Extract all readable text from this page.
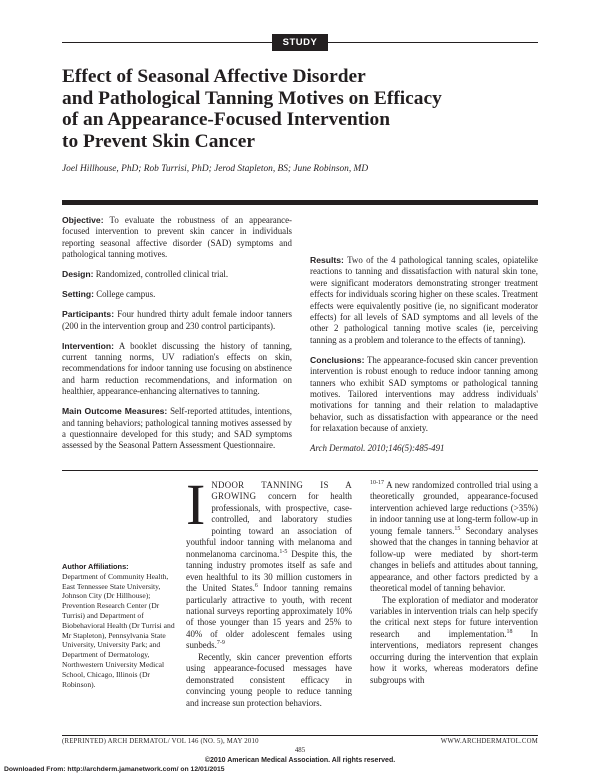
STUDY
Effect of Seasonal Affective Disorder
and Pathological Tanning Motives on Efficacy
of an Appearance-Focused Intervention
to Prevent Skin Cancer
Joel Hillhouse, PhD; Rob Turrisi, PhD; Jerod Stapleton, BS; June Robinson, MD

Objective: To evaluate the robustness of an appearance-focused intervention to prevent skin cancer in individuals reporting seasonal affective disorder (SAD) symptoms and pathological tanning motives.

Design: Randomized, controlled clinical trial.

Setting: College campus.

Participants: Four hundred thirty adult female indoor tanners (200 in the intervention group and 230 control participants).

Intervention: A booklet discussing the history of tanning, current tanning norms, UV radiation's effects on skin, recommendations for indoor tanning use focusing on abstinence and harm reduction recommendations, and information on healthier, appearance-enhancing alternatives to tanning.

Main Outcome Measures: Self-reported attitudes, intentions, and tanning behaviors; pathological tanning motives assessed by a questionnaire developed for this study; and SAD symptoms assessed by the Seasonal Pattern Assessment Questionnaire.

Results: Two of the 4 pathological tanning scales, opiatelike reactions to tanning and dissatisfaction with natural skin tone, were significant moderators demonstrating stronger treatment effects for individuals scoring higher on these scales. Treatment effects were equivalently positive (ie, no significant moderator effects) for all levels of SAD symptoms and all levels of the other 2 pathological tanning motive scales (ie, perceiving tanning as a problem and tolerance to the effects of tanning).

Conclusions: The appearance-focused skin cancer prevention intervention is robust enough to reduce indoor tanning among tanners who exhibit SAD symptoms or pathological tanning motives. Tailored interventions may address individuals' motivations for tanning and their relation to maladaptive behavior, such as dissatisfaction with appearance or the need for relaxation because of anxiety.

Arch Dermatol. 2010;146(5):485-491

INDOOR TANNING IS A GROWING concern for health professionals, with prospective, case-controlled, and laboratory studies pointing toward an association of youthful indoor tanning with melanoma and nonmelanoma carcinoma.$^{1-5}$ Despite this, the tanning industry promotes itself as safe and even healthful to its 30 million customers in the United States.$^6$ Indoor tanning remains particularly attractive to youth, with recent national surveys reporting approximately 10% of those younger than 15 years and 25% to 40% of older adolescent females using sunbeds.$^{7-9}$

Recently, skin cancer prevention efforts using appearance-focused messages have demonstrated consistent efficacy in convincing young people to reduce tanning and increase sun protection behaviors.

$^{10-17}$ A new randomized controlled trial using a theoretically grounded, appearance-focused intervention achieved large reductions (>35%) in indoor tanning use at long-term follow-up in young female tanners.$^{15}$ Secondary analyses showed that the changes in tanning behavior at follow-up were mediated by short-term changes in beliefs and attitudes about tanning, appearance, and other factors predicted by a theoretical model of tanning behavior.

The exploration of mediator and moderator variables in intervention trials can help specify the critical next steps for future intervention research and implementation.$^{18}$ In interventions, mediators represent changes occurring during the intervention that explain how it works, whereas moderators define subgroups with

Author Affiliations:
Department of Community Health, East Tennessee State University, Johnson City (Dr Hillhouse); Prevention Research Center (Dr Turrisi) and Department of Biobehavioral Health (Dr Turrisi and Mr Stapleton), Pennsylvania State University, University Park; and Department of Dermatology, Northwestern University Medical School, Chicago, Illinois (Dr Robinson).
(REPRINTED) ARCH DERMATOL/ VOL 146 (NO. 5), MAY 2010	WWW.ARCHDERMATOL.COM
485
©2010 American Medical Association. All rights reserved.
Downloaded From: http://archderm.jamanetwork.com/ on 12/01/2015
